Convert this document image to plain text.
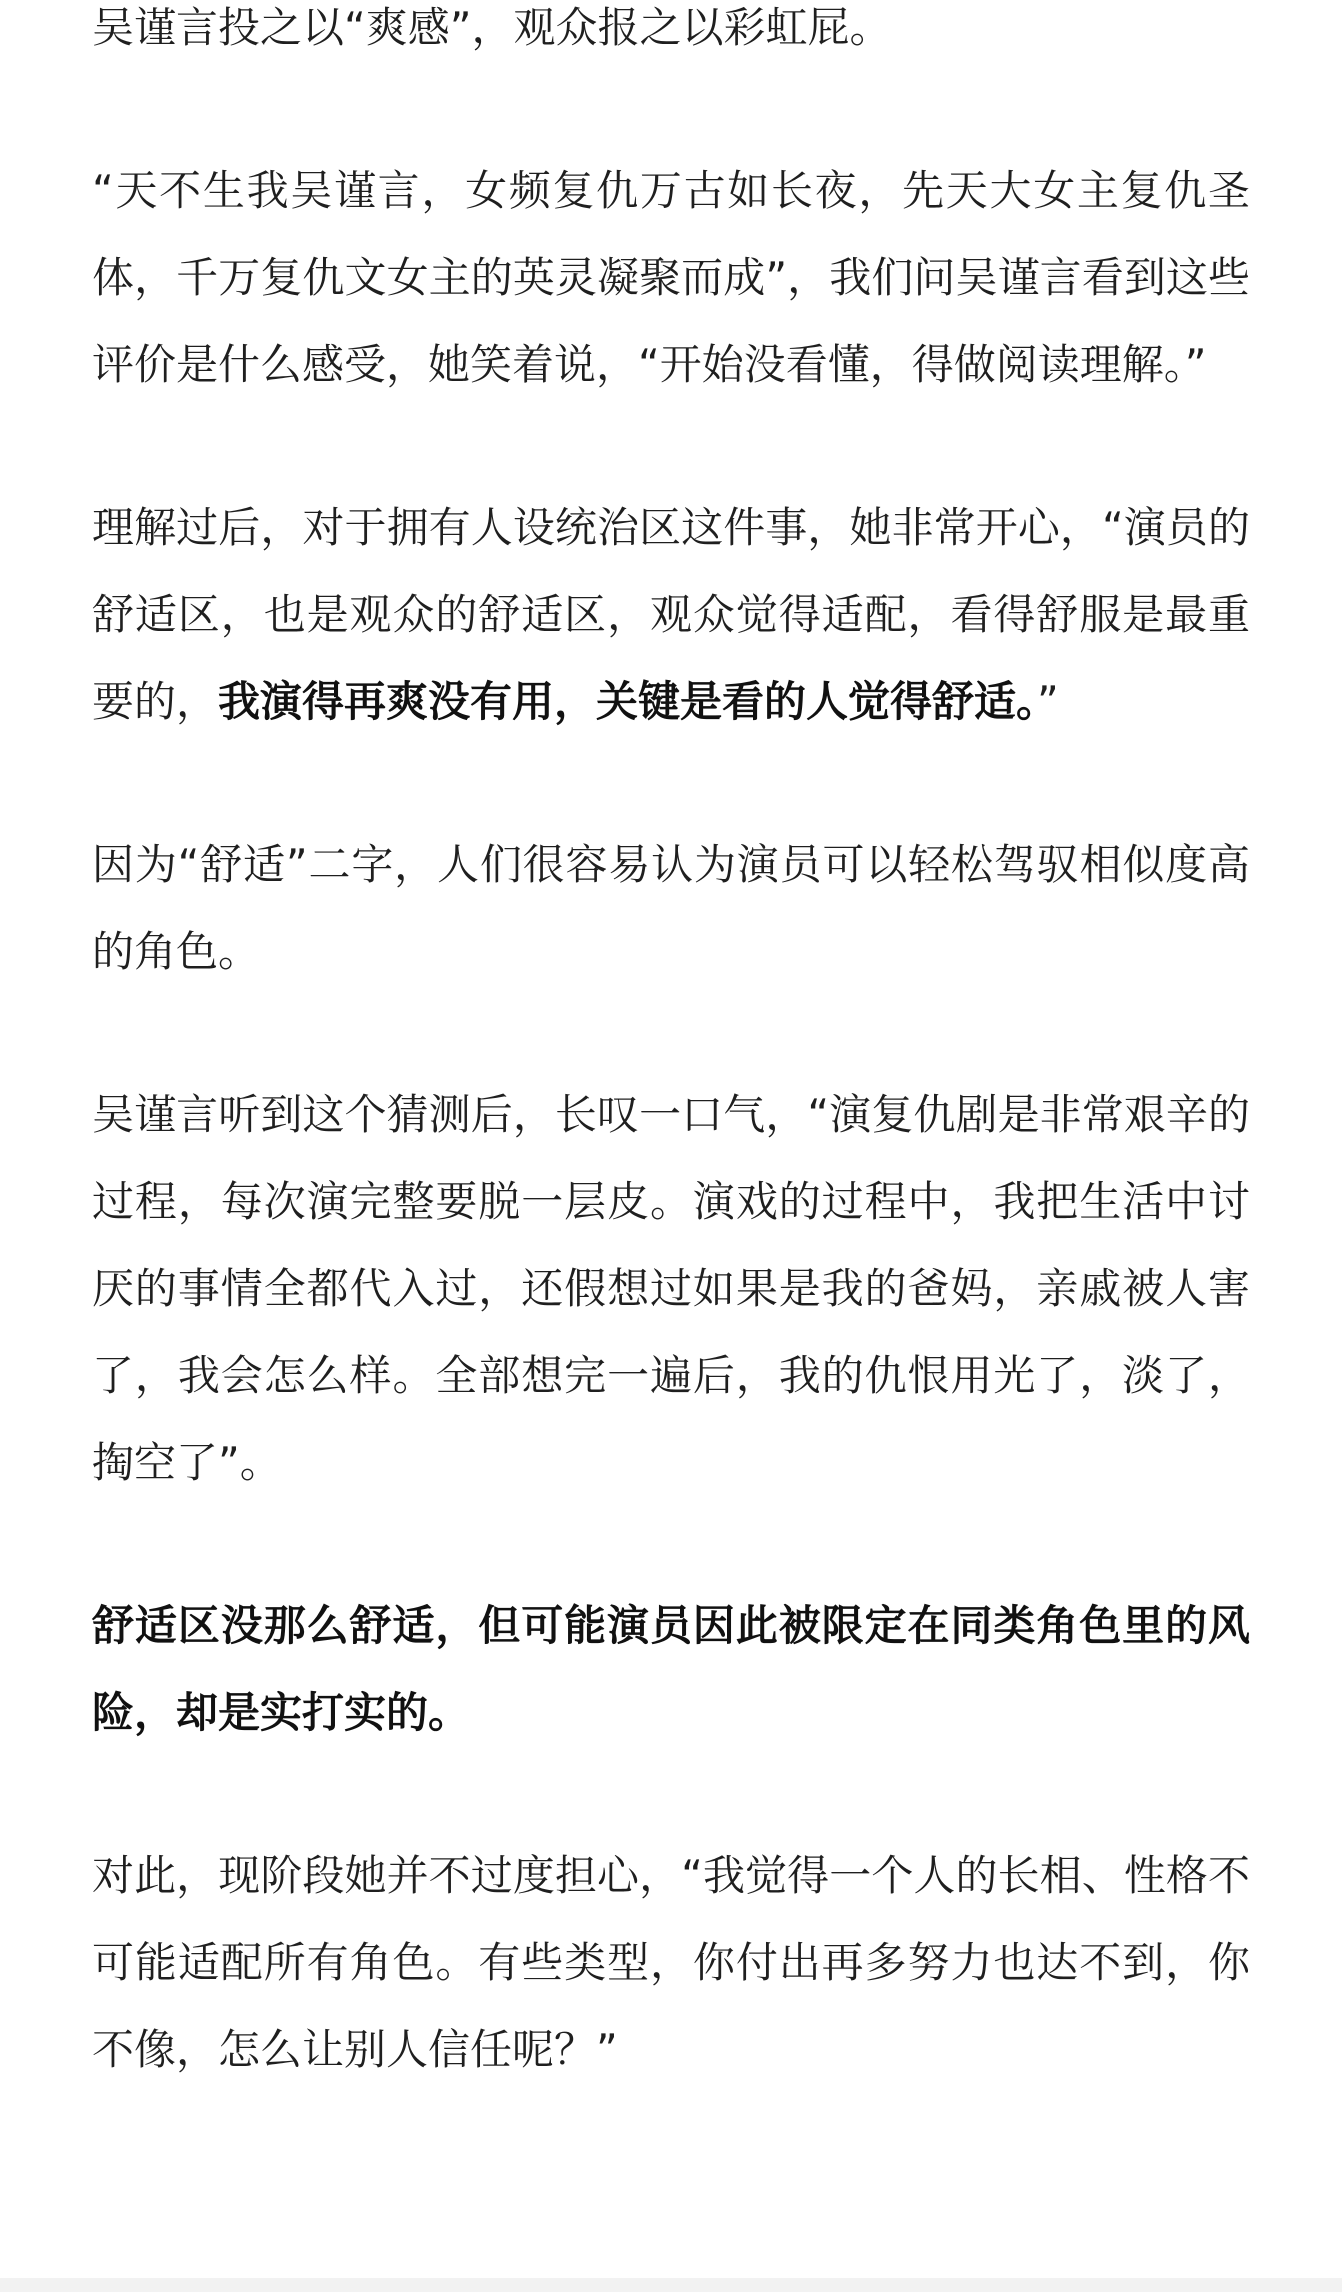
吴谨言投之以“爽感”，观众报之以彩虹屁。

“天不生我吴谨言，女频复仇万古如长夜，先天大女主复仇圣体，千万复仇文女主的英灵凝聚而成”，我们问吴谨言看到这些评价是什么感受，她笑着说，“开始没看懂，得做阅读理解。”

理解过后，对于拥有人设统治区这件事，她非常开心，“演员的舒适区，也是观众的舒适区，观众觉得适配，看得舒服是最重要的，我演得再爽没有用，关键是看的人觉得舒适。”

因为“舒适”二字，人们很容易认为演员可以轻松驾驭相似度高的角色。

吴谨言听到这个猜测后，长叹一口气，“演复仇剧是非常艰辛的过程，每次演完整要脱一层皮。演戏的过程中，我把生活中讨厌的事情全都代入过，还假想过如果是我的爸妈，亲戚被人害了，我会怎么样。全部想完一遍后，我的仇恨用光了，淡了，掏空了”。

舒适区没那么舒适，但可能演员因此被限定在同类角色里的风险，却是实打实的。

对此，现阶段她并不过度担心，“我觉得一个人的长相、性格不可能适配所有角色。有些类型，你付出再多努力也达不到，你不像，怎么让别人信任呢？”
